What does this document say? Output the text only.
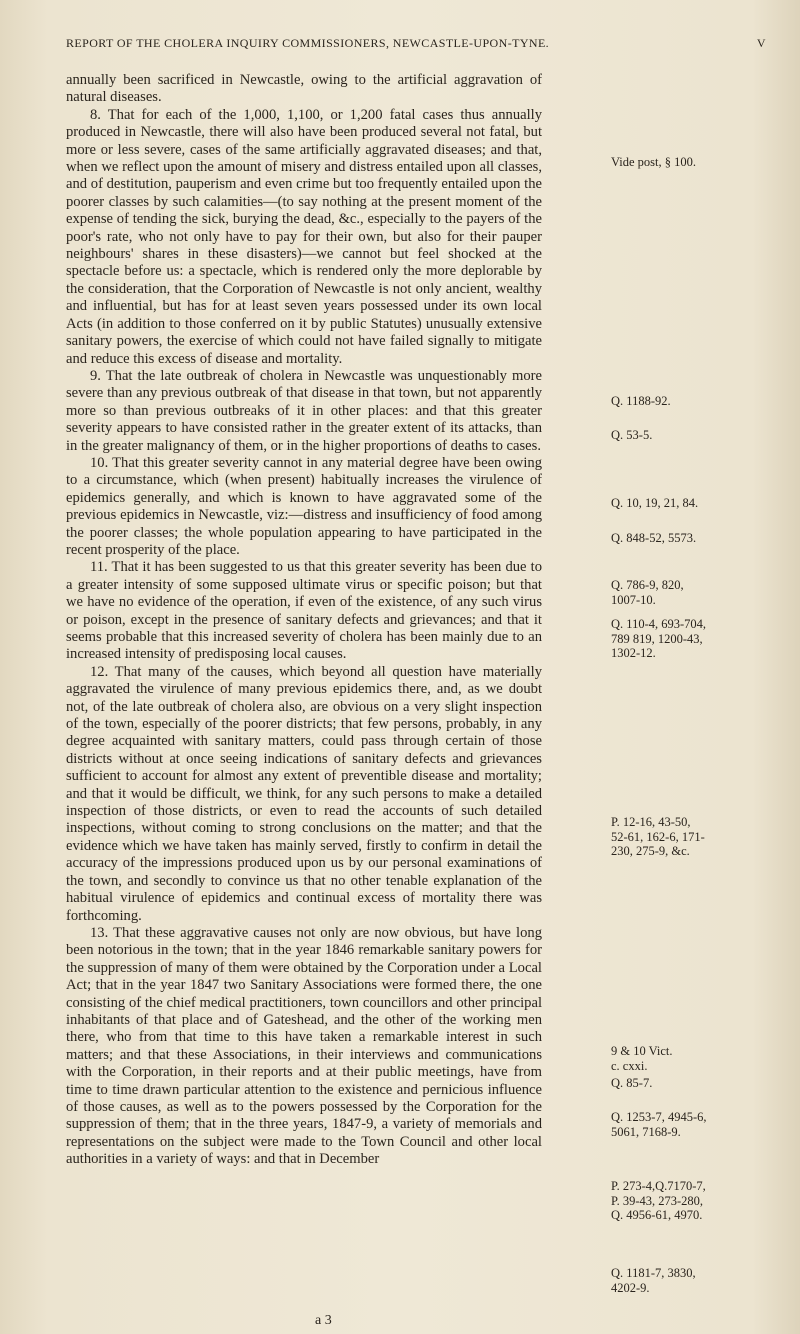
REPORT OF THE CHOLERA INQUIRY COMMISSIONERS, NEWCASTLE-UPON-TYNE.	V

annually been sacrificed in Newcastle, owing to the artificial aggravation of natural diseases.

8. That for each of the 1,000, 1,100, or 1,200 fatal cases thus annually produced in Newcastle, there will also have been produced several not fatal, but more or less severe, cases of the same artificially aggravated diseases; and that, when we reflect upon the amount of misery and distress entailed upon all classes, and of destitution, pauperism and even crime but too frequently entailed upon the poorer classes by such calamities—(to say nothing at the present moment of the expense of tending the sick, burying the dead, &c., especially to the payers of the poor's rate, who not only have to pay for their own, but also for their pauper neighbours' shares in these disasters)—we cannot but feel shocked at the spectacle before us: a spectacle, which is rendered only the more deplorable by the consideration, that the Corporation of Newcastle is not only ancient, wealthy and influential, but has for at least seven years possessed under its own local Acts (in addition to those conferred on it by public Statutes) unusually extensive sanitary powers, the exercise of which could not have failed signally to mitigate and reduce this excess of disease and mortality.

9. That the late outbreak of cholera in Newcastle was unquestionably more severe than any previous outbreak of that disease in that town, but not apparently more so than previous outbreaks of it in other places: and that this greater severity appears to have consisted rather in the greater extent of its attacks, than in the greater malignancy of them, or in the higher proportions of deaths to cases.

10. That this greater severity cannot in any material degree have been owing to a circumstance, which (when present) habitually increases the virulence of epidemics generally, and which is known to have aggravated some of the previous epidemics in Newcastle, viz:—distress and insufficiency of food among the poorer classes; the whole population appearing to have participated in the recent prosperity of the place.

11. That it has been suggested to us that this greater severity has been due to a greater intensity of some supposed ultimate virus or specific poison; but that we have no evidence of the operation, if even of the existence, of any such virus or poison, except in the presence of sanitary defects and grievances; and that it seems probable that this increased severity of cholera has been mainly due to an increased intensity of predisposing local causes.

12. That many of the causes, which beyond all question have materially aggravated the virulence of many previous epidemics there, and, as we doubt not, of the late outbreak of cholera also, are obvious on a very slight inspection of the town, especially of the poorer districts; that few persons, probably, in any degree acquainted with sanitary matters, could pass through certain of those districts without at once seeing indications of sanitary defects and grievances sufficient to account for almost any extent of preventible disease and mortality; and that it would be difficult, we think, for any such persons to make a detailed inspection of those districts, or even to read the accounts of such detailed inspections, without coming to strong conclusions on the matter; and that the evidence which we have taken has mainly served, firstly to confirm in detail the accuracy of the impressions produced upon us by our personal examinations of the town, and secondly to convince us that no other tenable explanation of the habitual virulence of epidemics and continual excess of mortality there was forthcoming.

13. That these aggravative causes not only are now obvious, but have long been notorious in the town; that in the year 1846 remarkable sanitary powers for the suppression of many of them were obtained by the Corporation under a Local Act; that in the year 1847 two Sanitary Associations were formed there, the one consisting of the chief medical practitioners, town councillors and other principal inhabitants of that place and of Gateshead, and the other of the working men there, who from that time to this have taken a remarkable interest in such matters; and that these Associations, in their interviews and communications with the Corporation, in their reports and at their public meetings, have from time to time drawn particular attention to the existence and pernicious influence of those causes, as well as to the powers possessed by the Corporation for the suppression of them; that in the three years, 1847-9, a variety of memorials and representations on the subject were made to the Town Council and other local authorities in a variety of ways: and that in December

a 3
Vide post, § 100.
Q. 1188-92.
Q. 53-5.
Q. 10, 19, 21, 84.
Q. 848-52, 5573.
Q. 786-9, 820,
1007-10.
Q. 110-4, 693-704,
789 819, 1200-43,
1302-12.
P. 12-16, 43-50,
52-61, 162-6, 171-
230, 275-9, &c.
9 & 10 Vict.
c. cxxi.
Q. 85-7.
Q. 1253-7, 4945-6,
5061, 7168-9.
P. 273-4,Q.7170-7,
P. 39-43, 273-280,
Q. 4956-61, 4970.
Q. 1181-7, 3830,
4202-9.
